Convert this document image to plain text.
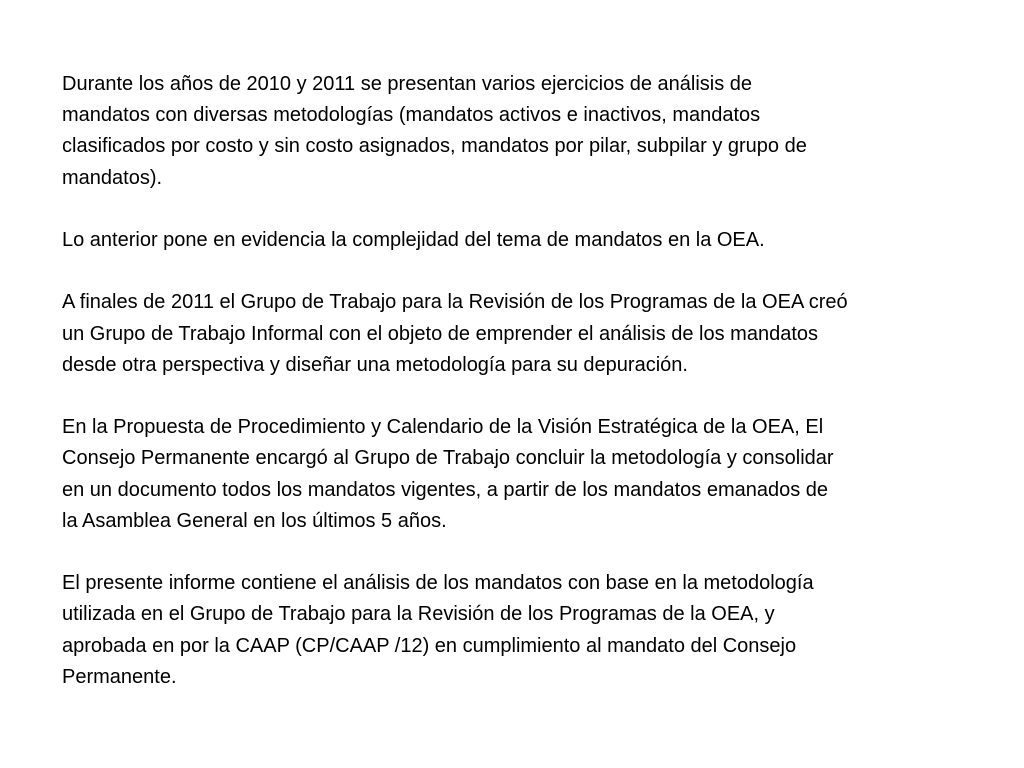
Durante los años de 2010 y 2011 se presentan varios ejercicios de análisis de
mandatos con diversas metodologías (mandatos activos e inactivos, mandatos
clasificados por costo y sin costo asignados, mandatos por pilar, subpilar y grupo de
mandatos).

Lo anterior pone en evidencia la complejidad del tema de mandatos en la OEA.

A finales de 2011 el Grupo de Trabajo para la Revisión de los Programas de la OEA creó
un Grupo de Trabajo Informal con el objeto de emprender el análisis de los mandatos
desde otra perspectiva y diseñar una metodología para su depuración.

En la Propuesta de Procedimiento y Calendario de la Visión Estratégica de la OEA, El
Consejo Permanente encargó al Grupo de Trabajo concluir la metodología y consolidar
en un documento todos los mandatos vigentes, a partir de los mandatos emanados de
la Asamblea General en los últimos 5 años.

El presente informe contiene el análisis de los mandatos con base en la metodología
utilizada en el Grupo de Trabajo para la Revisión de los Programas de la OEA, y
aprobada en por la CAAP (CP/CAAP /12) en cumplimiento al mandato del Consejo
Permanente.
